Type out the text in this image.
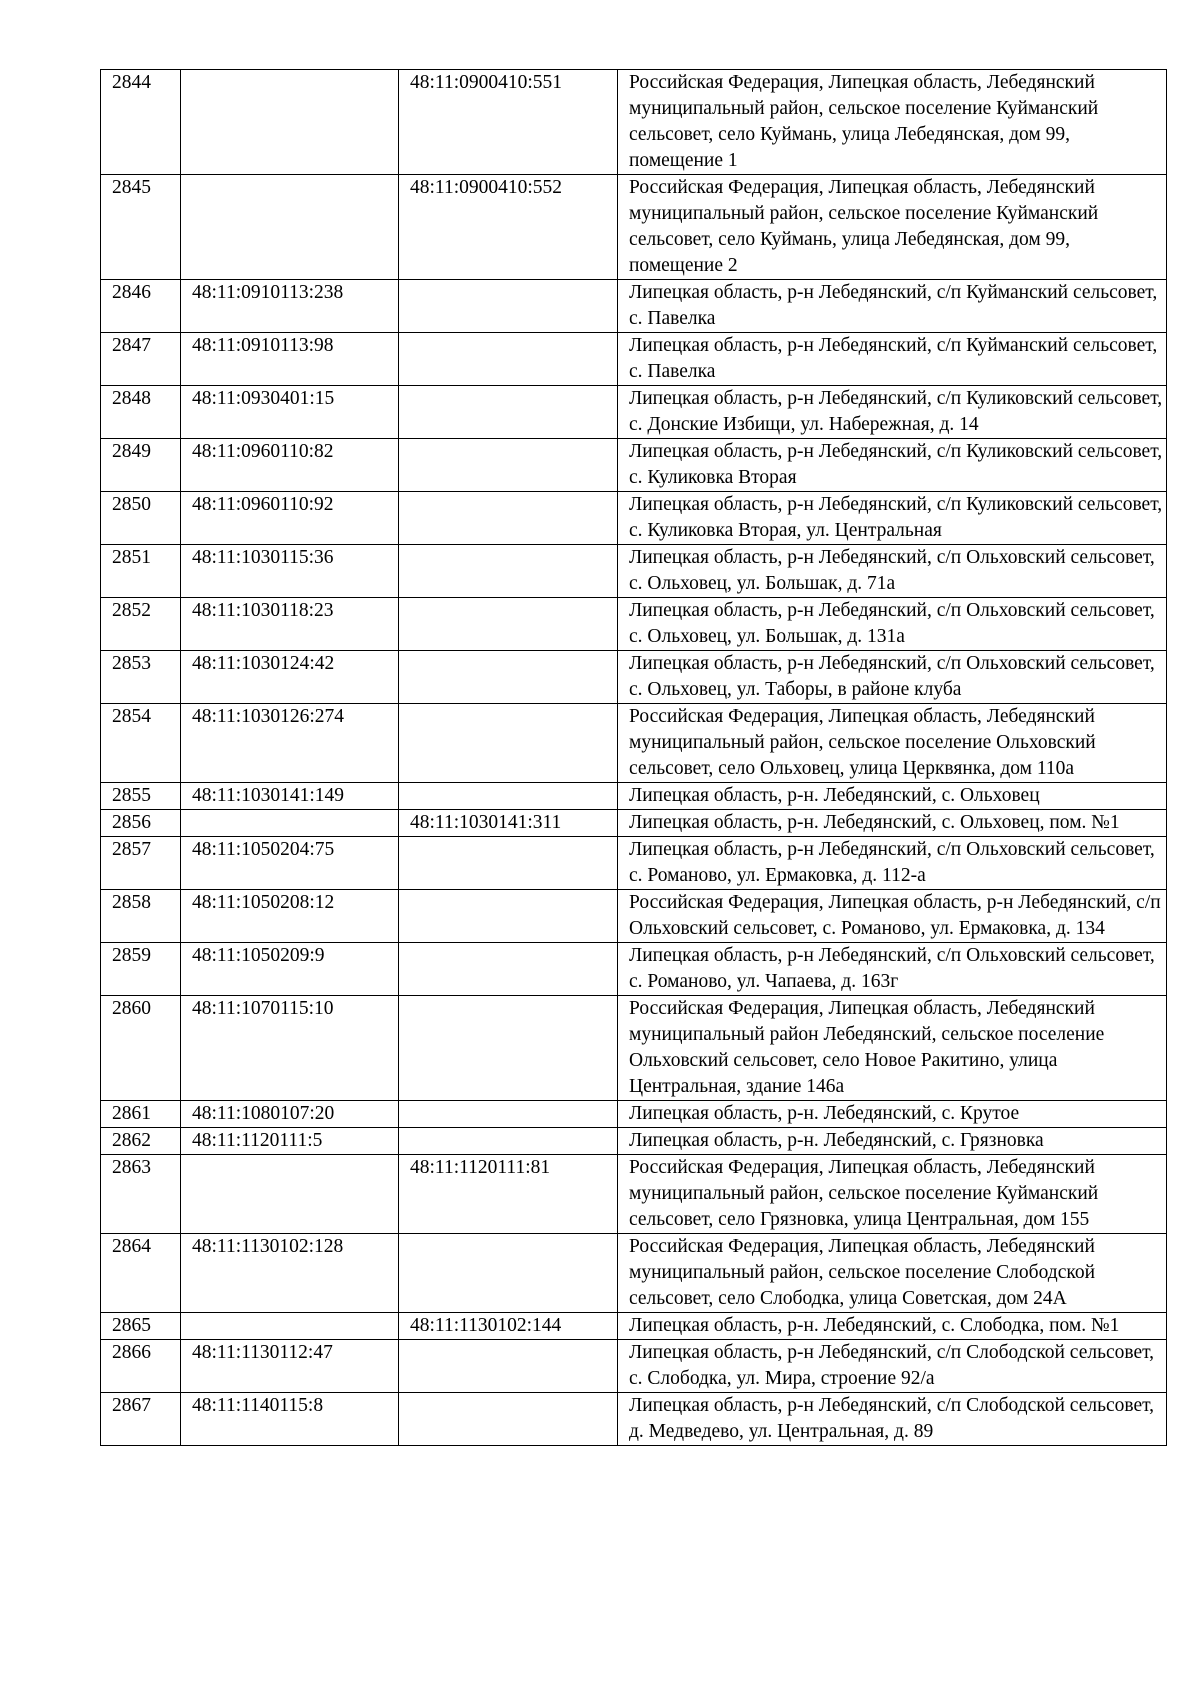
2844		48:11:0900410:551	Российская Федерация, Липецкая область, Лебедянский муниципальный район, сельское поселение Куйманский сельсовет, село Куймань, улица Лебедянская, дом 99, помещение 1
2845		48:11:0900410:552	Российская Федерация, Липецкая область, Лебедянский муниципальный район, сельское поселение Куйманский сельсовет, село Куймань, улица Лебедянская, дом 99, помещение 2
2846	48:11:0910113:238		Липецкая область, р-н Лебедянский, с/п Куйманский сельсовет, с. Павелка
2847	48:11:0910113:98		Липецкая область, р-н Лебедянский, с/п Куйманский сельсовет, с. Павелка
2848	48:11:0930401:15		Липецкая область, р-н Лебедянский, с/п Куликовский сельсовет, с. Донские Избищи, ул. Набережная, д. 14
2849	48:11:0960110:82		Липецкая область, р-н Лебедянский, с/п Куликовский сельсовет, с. Куликовка Вторая
2850	48:11:0960110:92		Липецкая область, р-н Лебедянский, с/п Куликовский сельсовет, с. Куликовка Вторая, ул. Центральная
2851	48:11:1030115:36		Липецкая область, р-н Лебедянский, с/п Ольховский сельсовет, с. Ольховец, ул. Большак, д. 71а
2852	48:11:1030118:23		Липецкая область, р-н Лебедянский, с/п Ольховский сельсовет, с. Ольховец, ул. Большак, д. 131а
2853	48:11:1030124:42		Липецкая область, р-н Лебедянский, с/п Ольховский сельсовет, с. Ольховец, ул. Таборы, в районе клуба
2854	48:11:1030126:274		Российская Федерация, Липецкая область, Лебедянский муниципальный район, сельское поселение Ольховский сельсовет, село Ольховец, улица Церквянка, дом 110а
2855	48:11:1030141:149		Липецкая область, р-н. Лебедянский, с. Ольховец
2856		48:11:1030141:311	Липецкая область, р-н. Лебедянский, с. Ольховец, пом. №1
2857	48:11:1050204:75		Липецкая область, р-н Лебедянский, с/п Ольховский сельсовет, с. Романово, ул. Ермаковка, д. 112-а
2858	48:11:1050208:12		Российская Федерация, Липецкая область, р-н Лебедянский, с/п Ольховский сельсовет, с. Романово, ул. Ермаковка, д. 134
2859	48:11:1050209:9		Липецкая область, р-н Лебедянский, с/п Ольховский сельсовет, с. Романово, ул. Чапаева, д. 163г
2860	48:11:1070115:10		Российская Федерация, Липецкая область, Лебедянский муниципальный район Лебедянский, сельское поселение Ольховский сельсовет, село Новое Ракитино, улица Центральная, здание 146а
2861	48:11:1080107:20		Липецкая область, р-н. Лебедянский, с. Крутое
2862	48:11:1120111:5		Липецкая область, р-н. Лебедянский, с. Грязновка
2863		48:11:1120111:81	Российская Федерация, Липецкая область, Лебедянский муниципальный район, сельское поселение Куйманский сельсовет, село Грязновка, улица Центральная, дом 155
2864	48:11:1130102:128		Российская Федерация, Липецкая область, Лебедянский муниципальный район, сельское поселение Слободской сельсовет, село Слободка, улица Советская, дом 24А
2865		48:11:1130102:144	Липецкая область, р-н. Лебедянский, с. Слободка, пом. №1
2866	48:11:1130112:47		Липецкая область, р-н Лебедянский, с/п Слободской сельсовет, с. Слободка, ул. Мира, строение 92/а
2867	48:11:1140115:8		Липецкая область, р-н Лебедянский, с/п Слободской сельсовет, д. Медведево, ул. Центральная, д. 89
